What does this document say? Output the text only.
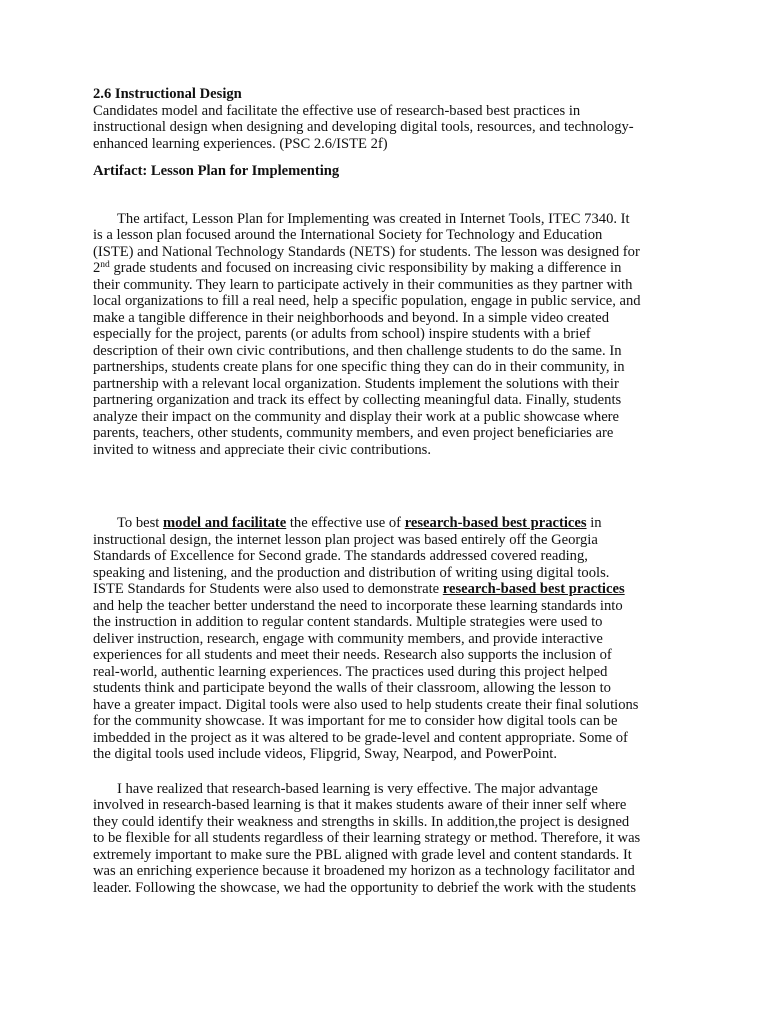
2.6 Instructional Design
Candidates model and facilitate the effective use of research-based best practices in
instructional design when designing and developing digital tools, resources, and technology-
enhanced learning experiences. (PSC 2.6/ISTE 2f)
Artifact: Lesson Plan for Implementing
The artifact, Lesson Plan for Implementing was created in Internet Tools, ITEC 7340. It
is a lesson plan focused around the International Society for Technology and Education
(ISTE) and National Technology Standards (NETS) for students. The lesson was designed for
2nd grade students and focused on increasing civic responsibility by making a difference in
their community. They learn to participate actively in their communities as they partner with
local organizations to fill a real need, help a specific population, engage in public service, and
make a tangible difference in their neighborhoods and beyond. In a simple video created
especially for the project, parents (or adults from school) inspire students with a brief
description of their own civic contributions, and then challenge students to do the same. In
partnerships, students create plans for one specific thing they can do in their community, in
partnership with a relevant local organization. Students implement the solutions with their
partnering organization and track its effect by collecting meaningful data. Finally, students
analyze their impact on the community and display their work at a public showcase where
parents, teachers, other students, community members, and even project beneficiaries are
invited to witness and appreciate their civic contributions.
To best model and facilitate the effective use of research-based best practices in
instructional design, the internet lesson plan project was based entirely off the Georgia
Standards of Excellence for Second grade. The standards addressed covered reading,
speaking and listening, and the production and distribution of writing using digital tools.
ISTE Standards for Students were also used to demonstrate research-based best practices
and help the teacher better understand the need to incorporate these learning standards into
the instruction in addition to regular content standards. Multiple strategies were used to
deliver instruction, research, engage with community members, and provide interactive
experiences for all students and meet their needs. Research also supports the inclusion of
real-world, authentic learning experiences. The practices used during this project helped
students think and participate beyond the walls of their classroom, allowing the lesson to
have a greater impact. Digital tools were also used to help students create their final solutions
for the community showcase. It was important for me to consider how digital tools can be
imbedded in the project as it was altered to be grade-level and content appropriate. Some of
the digital tools used include videos, Flipgrid, Sway, Nearpod, and PowerPoint.
I have realized that research-based learning is very effective. The major advantage
involved in research-based learning is that it makes students aware of their inner self where
they could identify their weakness and strengths in skills. In addition,the project is designed
to be flexible for all students regardless of their learning strategy or method. Therefore, it was
extremely important to make sure the PBL aligned with grade level and content standards. It
was an enriching experience because it broadened my horizon as a technology facilitator and
leader. Following the showcase, we had the opportunity to debrief the work with the students
